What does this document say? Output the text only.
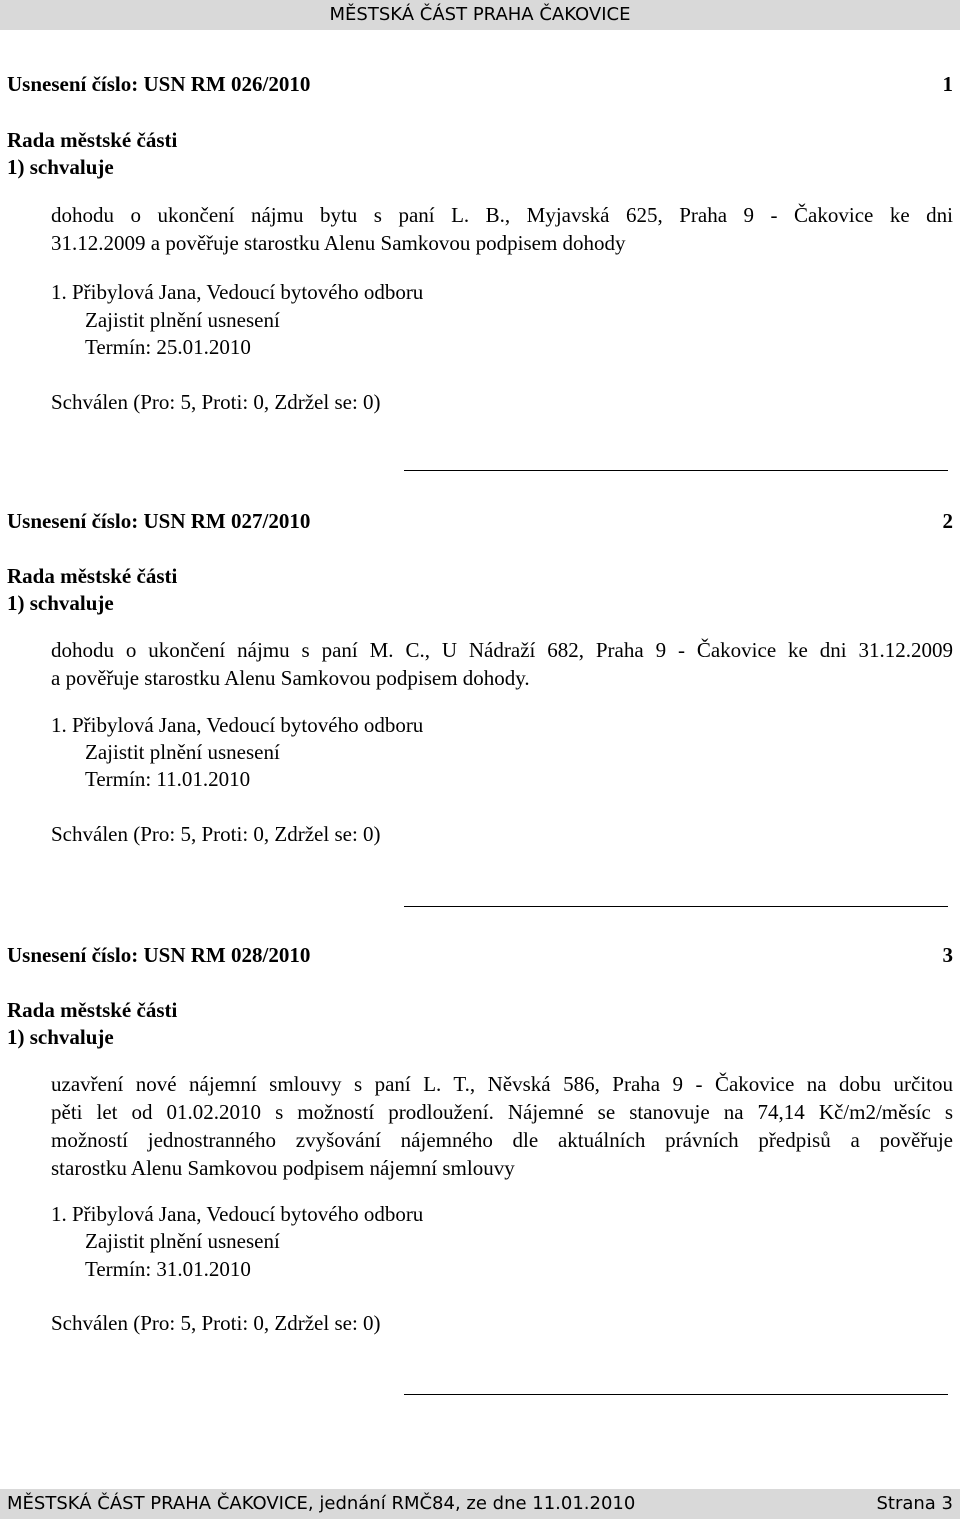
MĚSTSKÁ ČÁST PRAHA ČAKOVICE
Usnesení číslo: USN RM 026/2010	1
Rada městské části
1) schvaluje
dohodu o ukončení nájmu bytu s paní L. B., Myjavská 625, Praha 9 - Čakovice ke dni
31.12.2009 a pověřuje starostku Alenu Samkovou podpisem dohody
1. Přibylová Jana, Vedoucí bytového odboru
Zajistit plnění usnesení
Termín: 25.01.2010
Schválen (Pro: 5, Proti: 0, Zdržel se: 0)
Usnesení číslo: USN RM 027/2010	2
Rada městské části
1) schvaluje
dohodu o ukončení nájmu s paní M. C., U Nádraží 682, Praha 9 - Čakovice ke dni 31.12.2009
a pověřuje starostku Alenu Samkovou podpisem dohody.
1. Přibylová Jana, Vedoucí bytového odboru
Zajistit plnění usnesení
Termín: 11.01.2010
Schválen (Pro: 5, Proti: 0, Zdržel se: 0)
Usnesení číslo: USN RM 028/2010	3
Rada městské části
1) schvaluje
uzavření nové nájemní smlouvy s paní L. T., Něvská 586, Praha 9 - Čakovice na dobu určitou
pěti let od 01.02.2010 s možností prodloužení. Nájemné se stanovuje na 74,14 Kč/m2/měsíc s
možností jednostranného zvyšování nájemného dle aktuálních právních předpisů a pověřuje
starostku Alenu Samkovou podpisem nájemní smlouvy
1. Přibylová Jana, Vedoucí bytového odboru
Zajistit plnění usnesení
Termín: 31.01.2010
Schválen (Pro: 5, Proti: 0, Zdržel se: 0)
MĚSTSKÁ ČÁST PRAHA ČAKOVICE, jednání RMČ84, ze dne 11.01.2010	Strana 3
